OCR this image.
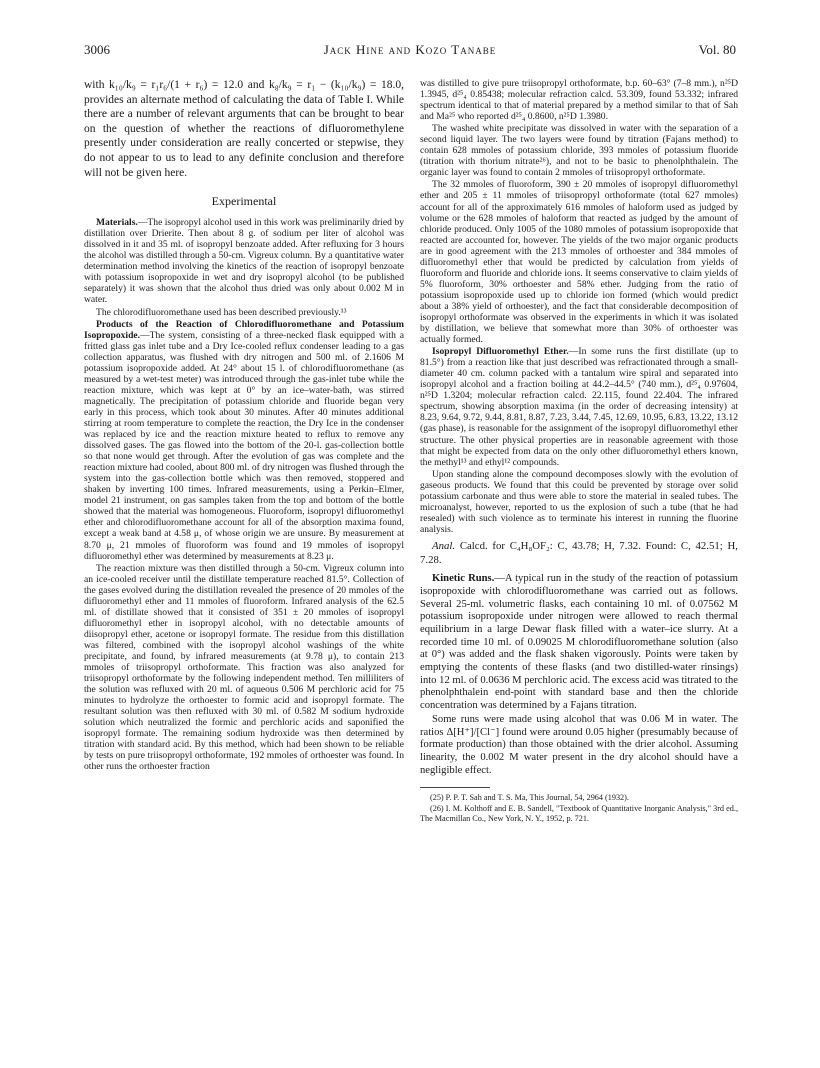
3006	Jack Hine and Kozo Tanabe	Vol. 80

with k₁₀/k₉ = r₁r₆/(1 + r₆) = 12.0 and k₈/k₉ = r₁ − (k₁₀/k₉) = 18.0, provides an alternate method of calculating the data of Table I. While there are a number of relevant arguments that can be brought to bear on the question of whether the reactions of difluoromethylene presently under consideration are really concerted or stepwise, they do not appear to us to lead to any definite conclusion and therefore will not be given here.

Experimental

Materials.—The isopropyl alcohol used in this work was preliminarily dried by distillation over Drierite. Then about 8 g. of sodium per liter of alcohol was dissolved in it and 35 ml. of isopropyl benzoate added. After refluxing for 3 hours the alcohol was distilled through a 50-cm. Vigreux column. By a quantitative water determination method involving the kinetics of the reaction of isopropyl benzoate with potassium isopropoxide in wet and dry isopropyl alcohol (to be published separately) it was shown that the alcohol thus dried was only about 0.002 M in water.

The chlorodifluoromethane used has been described previously.¹³

Products of the Reaction of Chlorodifluoromethane and Potassium Isopropoxide.—The system, consisting of a three-necked flask equipped with a fritted glass gas inlet tube and a Dry Ice-cooled reflux condenser leading to a gas collection apparatus, was flushed with dry nitrogen and 500 ml. of 2.1606 M potassium isopropoxide added. At 24° about 15 l. of chlorodifluoromethane (as measured by a wet-test meter) was introduced through the gas-inlet tube while the reaction mixture, which was kept at 0° by an ice–water-bath, was stirred magnetically. The precipitation of potassium chloride and fluoride began very early in this process, which took about 30 minutes. After 40 minutes additional stirring at room temperature to complete the reaction, the Dry Ice in the condenser was replaced by ice and the reaction mixture heated to reflux to remove any dissolved gases. The gas flowed into the bottom of the 20-l. gas-collection bottle so that none would get through. After the evolution of gas was complete and the reaction mixture had cooled, about 800 ml. of dry nitrogen was flushed through the system into the gas-collection bottle which was then removed, stoppered and shaken by inverting 100 times. Infrared measurements, using a Perkin–Elmer, model 21 instrument, on gas samples taken from the top and bottom of the bottle showed that the material was homogeneous. Fluoroform, isopropyl difluoromethyl ether and chlorodifluoromethane account for all of the absorption maxima found, except a weak band at 4.58 μ, of whose origin we are unsure. By measurement at 8.70 μ, 21 mmoles of fluoroform was found and 19 mmoles of isopropyl difluoromethyl ether was determined by measurements at 8.23 μ.

The reaction mixture was then distilled through a 50-cm. Vigreux column into an ice-cooled receiver until the distillate temperature reached 81.5°. Collection of the gases evolved during the distillation revealed the presence of 20 mmoles of the difluoromethyl ether and 11 mmoles of fluoroform. Infrared analysis of the 62.5 ml. of distillate showed that it consisted of 351 ± 20 mmoles of isopropyl difluoromethyl ether in isopropyl alcohol, with no detectable amounts of diisopropyl ether, acetone or isopropyl formate. The residue from this distillation was filtered, combined with the isopropyl alcohol washings of the white precipitate, and found, by infrared measurements (at 9.78 μ), to contain 213 mmoles of triisopropyl orthoformate. This fraction was also analyzed for triisopropyl orthoformate by the following independent method. Ten milliliters of the solution was refluxed with 20 ml. of aqueous 0.506 M perchloric acid for 75 minutes to hydrolyze the orthoester to formic acid and isopropyl formate. The resultant solution was then refluxed with 30 ml. of 0.582 M sodium hydroxide solution which neutralized the formic and perchloric acids and saponified the isopropyl formate. The remaining sodium hydroxide was then determined by titration with standard acid. By this method, which had been shown to be reliable by tests on pure triisopropyl orthoformate, 192 mmoles of orthoester was found. In other runs the orthoester fraction

was distilled to give pure triisopropyl orthoformate, b.p. 60–63° (7–8 mm.), n²⁵D 1.3945, d²⁵₄ 0.85438; molecular refraction calcd. 53.309, found 53.332; infrared spectrum identical to that of material prepared by a method similar to that of Sah and Ma²⁵ who reported d²⁵₄ 0.8600, n²⁵D 1.3980.

The washed white precipitate was dissolved in water with the separation of a second liquid layer. The two layers were found by titration (Fajans method) to contain 628 mmoles of potassium chloride, 393 mmoles of potassium fluoride (titration with thorium nitrate²⁶), and not to be basic to phenolphthalein. The organic layer was found to contain 2 mmoles of triisopropyl orthoformate.

The 32 mmoles of fluoroform, 390 ± 20 mmoles of isopropyl difluoromethyl ether and 205 ± 11 mmoles of triisopropyl orthoformate (total 627 mmoles) account for all of the approximately 616 mmoles of haloform used as judged by volume or the 628 mmoles of haloform that reacted as judged by the amount of chloride produced. Only 1005 of the 1080 mmoles of potassium isopropoxide that reacted are accounted for, however. The yields of the two major organic products are in good agreement with the 213 mmoles of orthoester and 384 mmoles of difluoromethyl ether that would be predicted by calculation from yields of fluoroform and fluoride and chloride ions. It seems conservative to claim yields of 5% fluoroform, 30% orthoester and 58% ether. Judging from the ratio of potassium isopropoxide used up to chloride ion formed (which would predict about a 38% yield of orthoester), and the fact that considerable decomposition of isopropyl orthoformate was observed in the experiments in which it was isolated by distillation, we believe that somewhat more than 30% of orthoester was actually formed.

Isopropyl Difluoromethyl Ether.—In some runs the first distillate (up to 81.5°) from a reaction like that just described was refractionated through a small-diameter 40 cm. column packed with a tantalum wire spiral and separated into isopropyl alcohol and a fraction boiling at 44.2–44.5° (740 mm.), d²⁵₄ 0.97604, n²⁵D 1.3204; molecular refraction calcd. 22.115, found 22.404. The infrared spectrum, showing absorption maxima (in the order of decreasing intensity) at 8.23, 9.64, 9.72, 9.44, 8.81, 8.87, 7.23, 3.44, 7.45, 12.69, 10.95, 6.83, 13.22, 13.12 (gas phase), is reasonable for the assignment of the isopropyl difluoromethyl ether structure. The other physical properties are in reasonable agreement with those that might be expected from data on the only other difluoromethyl ethers known, the methyl¹³ and ethyl¹² compounds.

Upon standing alone the compound decomposes slowly with the evolution of gaseous products. We found that this could be prevented by storage over solid potassium carbonate and thus were able to store the material in sealed tubes. The microanalyst, however, reported to us the explosion of such a tube (that he had resealed) with such violence as to terminate his interest in running the fluorine analysis.

Anal. Calcd. for C₄H₈OF₂: C, 43.78; H, 7.32. Found: C, 42.51; H, 7.28.

Kinetic Runs.—A typical run in the study of the reaction of potassium isopropoxide with chlorodifluoromethane was carried out as follows. Several 25-ml. volumetric flasks, each containing 10 ml. of 0.07562 M potassium isopropoxide under nitrogen were allowed to reach thermal equilibrium in a large Dewar flask filled with a water–ice slurry. At a recorded time 10 ml. of 0.09025 M chlorodifluoromethane solution (also at 0°) was added and the flask shaken vigorously. Points were taken by emptying the contents of these flasks (and two distilled-water rinsings) into 12 ml. of 0.0636 M perchloric acid. The excess acid was titrated to the phenolphthalein end-point with standard base and then the chloride concentration was determined by a Fajans titration.

Some runs were made using alcohol that was 0.06 M in water. The ratios Δ[H⁺]/[Cl⁻] found were around 0.05 higher (presumably because of formate production) than those obtained with the drier alcohol. Assuming linearity, the 0.002 M water present in the dry alcohol should have a negligible effect.

(25) P. P. T. Sah and T. S. Ma, This Journal, 54, 2964 (1932).
(26) I. M. Kolthoff and E. B. Sandell, "Textbook of Quantitative Inorganic Analysis," 3rd ed., The Macmillan Co., New York, N. Y., 1952, p. 721.
